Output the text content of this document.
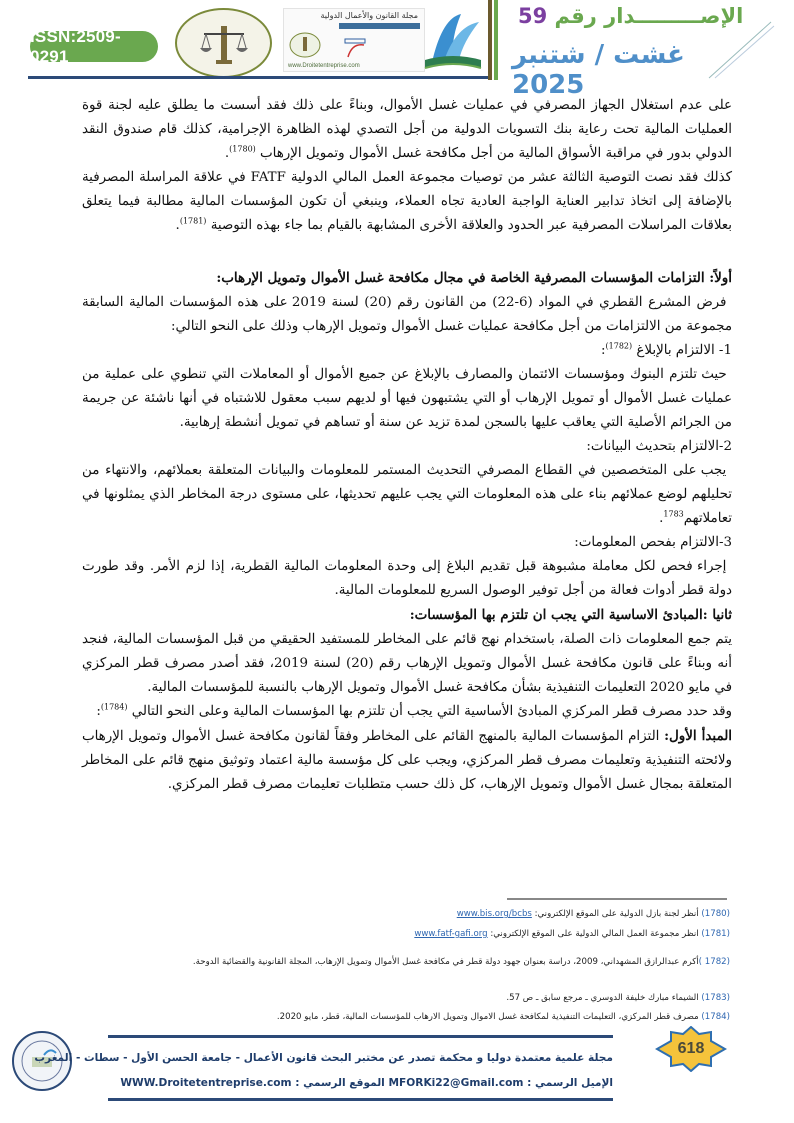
ISSN:2509-0291
مجلة القانون والأعمال الدولية
www.Droitetentreprise.com
الإصـــــــــدار رقم 59
غشت / شتنبر 2025

على عدم استغلال الجهاز المصرفي في عمليات غسل الأموال، وبناءً على ذلك فقد أسست ما يطلق عليه لجنة قوة العمليات المالية تحت رعاية بنك التسويات الدولية من أجل التصدي لهذه الظاهرة الإجرامية، كذلك قام صندوق النقد الدولي بدور في مراقبة الأسواق المالية من أجل مكافحة غسل الأموال وتمويل الإرهاب $^{(1780)}$.

كذلك فقد نصت التوصية الثالثة عشر من توصيات مجموعة العمل المالي الدولية FATF في علاقة المراسلة المصرفية بالإضافة إلى اتخاذ تدابير العناية الواجبة العادية تجاه العملاء، وينبغي أن تكون المؤسسات المالية مطالبة فيما يتعلق بعلاقات المراسلات المصرفية عبر الحدود والعلاقة الأخرى المشابهة بالقيام بما جاء بهذه التوصية $^{(1781)}$.

أولاً: التزامات المؤسسات المصرفية الخاصة في مجال مكافحة غسل الأموال وتمويل الإرهاب:

فرض المشرع القطري في المواد (6-22) من القانون رقم (20) لسنة 2019 على هذه المؤسسات المالية السابقة مجموعة من الالتزامات من أجل مكافحة عمليات غسل الأموال وتمويل الإرهاب وذلك على النحو التالي:

1- الالتزام بالإبلاغ $^{(1782)}$:

حيث تلتزم البنوك ومؤسسات الائتمان والمصارف بالإبلاغ عن جميع الأموال أو المعاملات التي تنطوي على عملية من عمليات غسل الأموال أو تمويل الإرهاب أو التي يشتبهون فيها أو لديهم سبب معقول للاشتباه في أنها ناشئة عن جريمة من الجرائم الأصلية التي يعاقب عليها بالسجن لمدة تزيد عن سنة أو تساهم في تمويل أنشطة إرهابية.

2-الالتزام بتحديث البيانات:

يجب على المتخصصين في القطاع المصرفي التحديث المستمر للمعلومات والبيانات المتعلقة بعملائهم، والانتهاء من تحليلهم لوضع عملائهم بناء على هذه المعلومات التي يجب عليهم تحديثها، على مستوى درجة المخاطر الذي يمثلونها في تعاملاتهم$^{1783}$.

3-الالتزام بفحص المعلومات:

إجراء فحص لكل معاملة مشبوهة قبل تقديم البلاغ إلى وحدة المعلومات المالية القطرية، إذا لزم الأمر. وقد طورت دولة قطر أدوات فعالة من أجل توفير الوصول السريع للمعلومات المالية.

ثانيا :المبادئ الاساسية التي يجب ان تلتزم بها المؤسسات:

يتم جمع المعلومات ذات الصلة، باستخدام نهج قائم على المخاطر للمستفيد الحقيقي من قبل المؤسسات المالية، فنجد أنه وبناءً على قانون مكافحة غسل الأموال وتمويل الإرهاب رقم (20) لسنة 2019، فقد أصدر مصرف قطر المركزي في مايو 2020 التعليمات التنفيذية بشأن مكافحة غسل الأموال وتمويل الإرهاب بالنسبة للمؤسسات المالية.

وقد حدد مصرف قطر المركزي المبادئ الأساسية التي يجب أن تلتزم بها المؤسسات المالية وعلى النحو التالي $^{(1784)}$:

المبدأ الأول: التزام المؤسسات المالية بالمنهج القائم على المخاطر وفقاً لقانون مكافحة غسل الأموال وتمويل الإرهاب ولائحته التنفيذية وتعليمات مصرف قطر المركزي، ويجب على كل مؤسسة مالية اعتماد وتوثيق منهج قائم على المخاطر المتعلقة بمجال غسل الأموال وتمويل الإرهاب، كل ذلك حسب متطلبات تعليمات مصرف قطر المركزي.

(1780) أنظر لجنة بازل الدولية على الموقع الإلكتروني: www.bis.org/bcbs
(1781) انظر مجموعة العمل المالي الدولية على الموقع الإلكتروني: www.fatf-gafi.org
(1782 )أكرم عبدالرازق المشهداني، 2009، دراسة بعنوان جهود دولة قطر في مكافحة غسل الأموال وتمويل الإرهاب، المجلة القانونية والقضائية الدوحة.
(1783) الشيماء مبارك خليفة الدوسري ـ مرجع سابق ـ ص 57.
(1784) مصرف قطر المركزي، التعليمات التنفيذية لمكافحة غسل الاموال وتمويل الارهاب للمؤسسات المالية، قطر، مايو 2020.
مجلة علمية معتمدة دوليا و محكمة تصدر عن مختبر البحث قانون الأعمال - جامعة الحسن الأول - سطات - المغرب
الإميل الرسمي : MFORKi22@Gmail.com الموقع الرسمي : WWW.Droitetentreprise.com
618
